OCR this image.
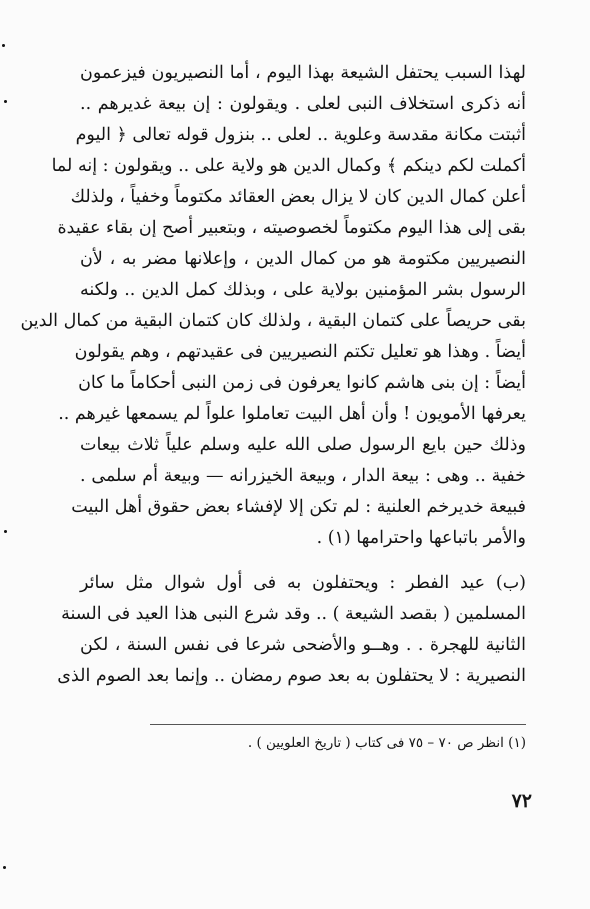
لهذا السبب يحتفل الشيعة بهذا اليوم ، أما النصيريون فيزعمون
أنه ذكرى استخلاف النبى لعلى . ويقولون : إن بيعة غديرهم ..
أثبتت مكانة مقدسة وعلوية .. لعلى .. بنزول قوله تعالى ﴿ اليوم
أكملت لكم دينكم ﴾ وكمال الدين هو ولاية على .. ويقولون : إنه لما
أعلن كمال الدين كان لا يزال بعض العقائد مكتوماً وخفياً ، ولذلك
بقى إلى هذا اليوم مكتوماً لخصوصيته ، وبتعبير أصح إن بقاء عقيدة
النصيريين مكتومة هو من كمال الدين ، وإعلانها مضر به ، لأن
الرسول بشر المؤمنين بولاية على ، وبذلك كمل الدين .. ولكنه
بقى حريصاً على كتمان البقية ، ولذلك كان كتمان البقية من كمال الدين
أيضاً . وهذا هو تعليل تكتم النصيريين فى عقيدتهم ، وهم يقولون
أيضاً : إن بنى هاشم كانوا يعرفون فى زمن النبى أحكاماً ما كان
يعرفها الأمويون ! وأن أهل البيت تعاملوا علواً لم يسمعها غيرهم ..
وذلك حين بايع الرسول صلى الله عليه وسلم علياً ثلاث بيعات
خفية .. وهى : بيعة الدار ، وبيعة الخيزرانه — وبيعة أم سلمى .
فبيعة خديرخم العلنية : لم تكن إلا لإفشاء بعض حقوق أهل البيت
والأمر باتباعها واحترامها (١) .
(ب) عيد الفطر : ويحتفلون به فى أول شوال مثل سائر
المسلمين ( بقصد الشيعة ) .. وقد شرع النبى هذا العيد فى السنة
الثانية للهجرة . . وهــو والأضحى شرعا فى نفس السنة ، لكن
النصيرية : لا يحتفلون به بعد صوم رمضان .. وإنما بعد الصوم الذى
(١) انظر ص ٧٠ – ٧٥ فى كتاب ( تاريخ العلويين ) .
٧٢
